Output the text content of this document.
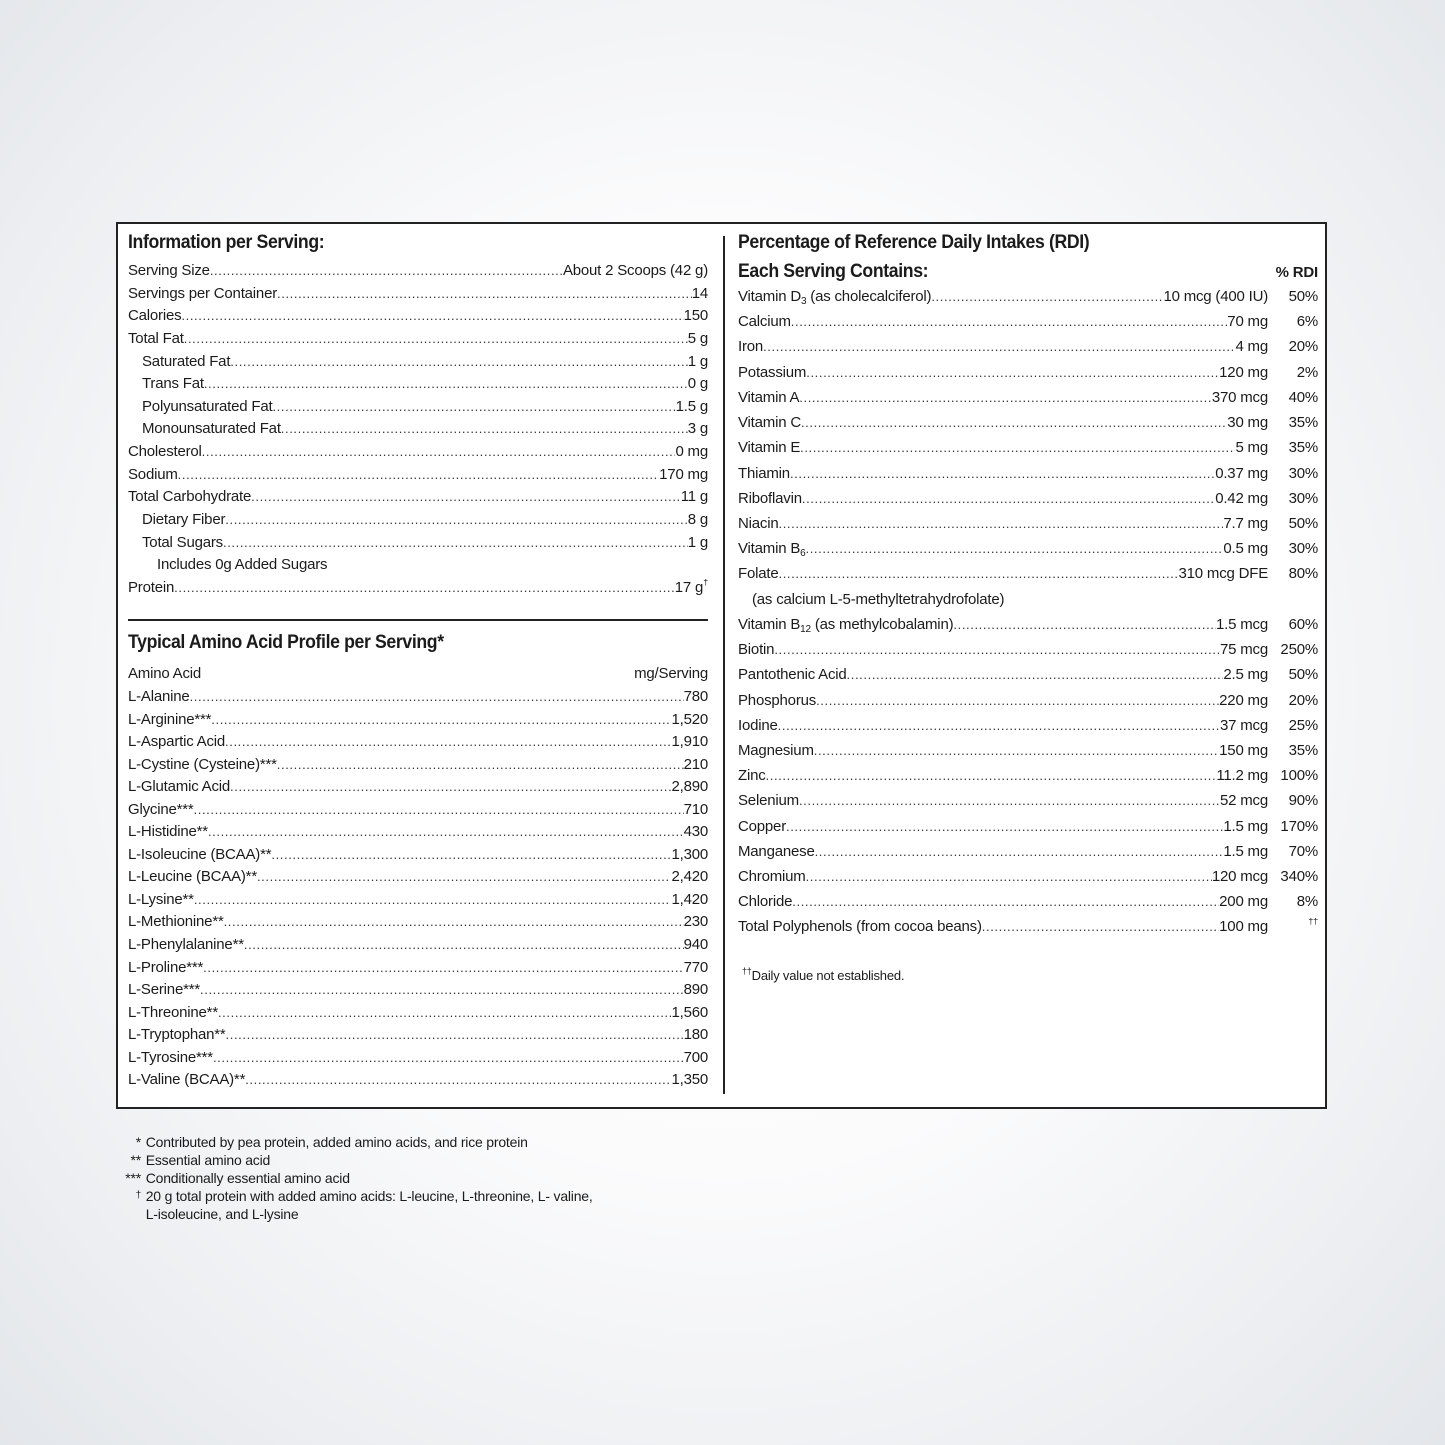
Information per Serving:
Serving Size .....	About 2 Scoops (42 g)
Servings per Container .....	14
Calories .....	150
Total Fat .....	5 g
Saturated Fat .....	1 g
Trans Fat .....	0 g
Polyunsaturated Fat .....	1.5 g
Monounsaturated Fat .....	3 g
Cholesterol .....	0 mg
Sodium .....	170 mg
Total Carbohydrate .....	11 g
Dietary Fiber .....	8 g
Total Sugars .....	1 g
Includes 0g Added Sugars
Protein .....	17 g†
Typical Amino Acid Profile per Serving*
Amino Acid	mg/Serving
L-Alanine .....	780
L-Arginine*** .....	1,520
L-Aspartic Acid .....	1,910
L-Cystine (Cysteine)*** .....	210
L-Glutamic Acid .....	2,890
Glycine*** .....	710
L-Histidine** .....	430
L-Isoleucine (BCAA)** .....	1,300
L-Leucine (BCAA)** .....	2,420
L-Lysine** .....	1,420
L-Methionine** .....	230
L-Phenylalanine** .....	940
L-Proline*** .....	770
L-Serine*** .....	890
L-Threonine** .....	1,560
L-Tryptophan** .....	180
L-Tyrosine*** .....	700
L-Valine (BCAA)** .....	1,350
Percentage of Reference Daily Intakes (RDI)
Each Serving Contains:	% RDI
Vitamin $D_3$ (as cholecalciferol) .....	10 mcg (400 IU)	50%
Calcium .....	70 mg	6%
Iron .....	4 mg	20%
Potassium .....	120 mg	2%
Vitamin A .....	370 mcg	40%
Vitamin C .....	30 mg	35%
Vitamin E .....	5 mg	35%
Thiamin .....	0.37 mg	30%
Riboflavin .....	0.42 mg	30%
Niacin .....	7.7 mg	50%
Vitamin $B_6$ .....	0.5 mg	30%
Folate .....	310 mcg DFE	80%
(as calcium L-5-methyltetrahydrofolate)
Vitamin $B_{12}$ (as methylcobalamin) .....	1.5 mcg	60%
Biotin .....	75 mcg 250%
Pantothenic Acid .....	2.5 mg	50%
Phosphorus .....	220 mg	20%
Iodine .....	37 mcg	25%
Magnesium .....	150 mg	35%
Zinc .....	11.2 mg 100%
Selenium .....	52 mcg	90%
Copper .....	1.5 mg 170%
Manganese .....	1.5 mg	70%
Chromium .....	120 mcg 340%
Chloride .....	200 mg	8%
Total Polyphenols (from cocoa beans) .....	100 mg	††
††Daily value not established.
* Contributed by pea protein, added amino acids, and rice protein
** Essential amino acid
*** Conditionally essential amino acid
† 20 g total protein with added amino acids: L-leucine, L-threonine, L- valine,
L-isoleucine, and L-lysine
